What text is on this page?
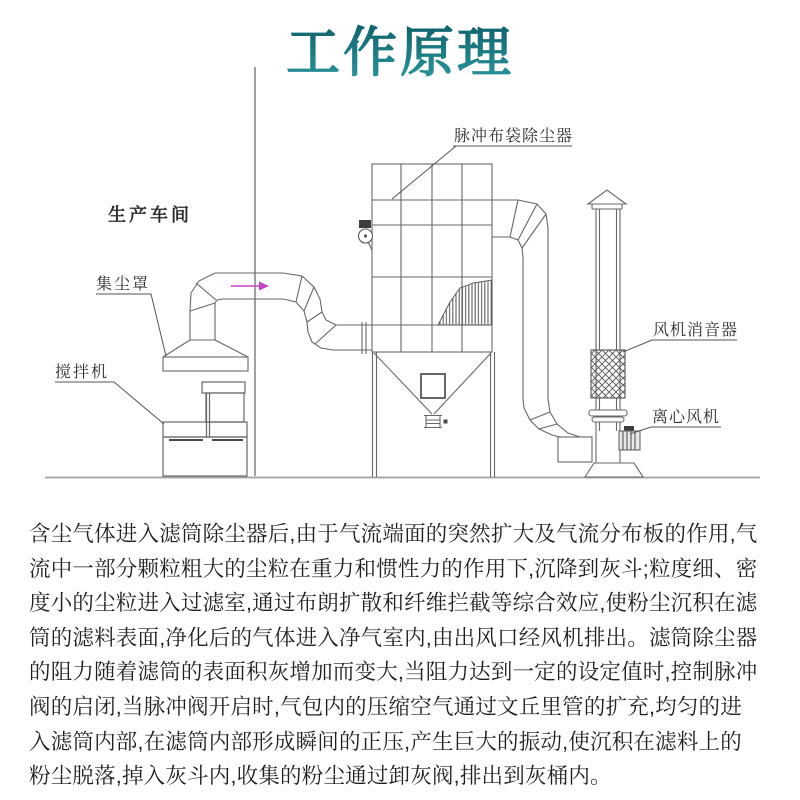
工作原理
生产车间
集尘罩
搅拌机
脉冲布袋除尘器
风机消音器
离心风机
含尘气体进入滤筒除尘器后,由于气流端面的突然扩大及气流分布板的作用,气
流中一部分颗粒粗大的尘粒在重力和惯性力的作用下,沉降到灰斗;粒度细、密
度小的尘粒进入过滤室,通过布朗扩散和纤维拦截等综合效应,使粉尘沉积在滤
筒的滤料表面,净化后的气体进入净气室内,由出风口经风机排出。滤筒除尘器
的阻力随着滤筒的表面积灰增加而变大,当阻力达到一定的设定值时,控制脉冲
阀的启闭,当脉冲阀开启时,气包内的压缩空气通过文丘里管的扩充,均匀的进
入滤筒内部,在滤筒内部形成瞬间的正压,产生巨大的振动,使沉积在滤料上的
粉尘脱落,掉入灰斗内,收集的粉尘通过卸灰阀,排出到灰桶内。
